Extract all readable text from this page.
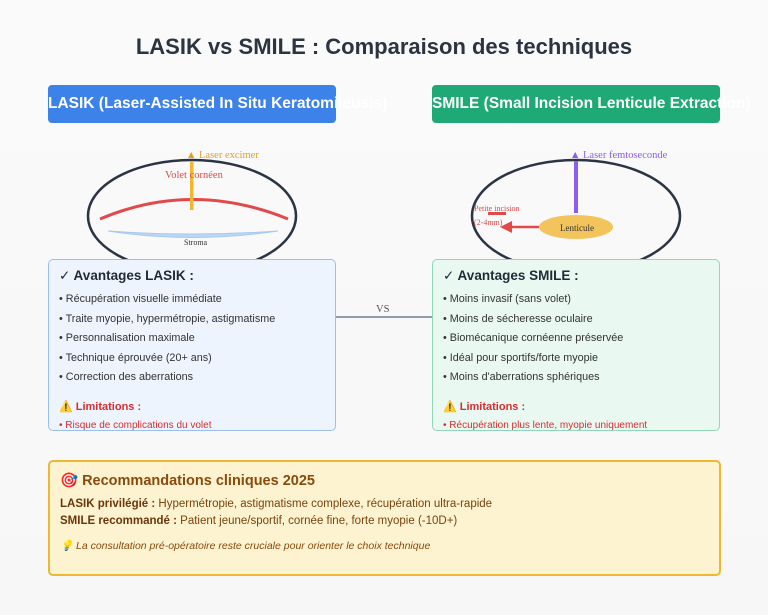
LASIK vs SMILE : Comparaison des techniques
LASIK (Laser-Assisted In Situ Keratomileusis)	SMILE (Small Incision Lenticule Extraction)
▲ Laser excimer
Volet cornéen
Stroma
▲ Laser femtoseconde
Lenticule
Petite incision
(2-4mm)
VS
✓ Avantages LASIK :
• Récupération visuelle immédiate
• Traite myopie, hypermétropie, astigmatisme
• Personnalisation maximale
• Technique éprouvée (20+ ans)
• Correction des aberrations
⚠️ Limitations :
• Risque de complications du volet
✓ Avantages SMILE :
• Moins invasif (sans volet)
• Moins de sécheresse oculaire
• Biomécanique cornéenne préservée
• Idéal pour sportifs/forte myopie
• Moins d'aberrations sphériques
⚠️ Limitations :
• Récupération plus lente, myopie uniquement
🎯 Recommandations cliniques 2025

LASIK privilégié : Hypermétropie, astigmatisme complexe, récupération ultra-rapide

SMILE recommandé : Patient jeune/sportif, cornée fine, forte myopie (-10D+)

💡 La consultation pré-opératoire reste cruciale pour orienter le choix technique
